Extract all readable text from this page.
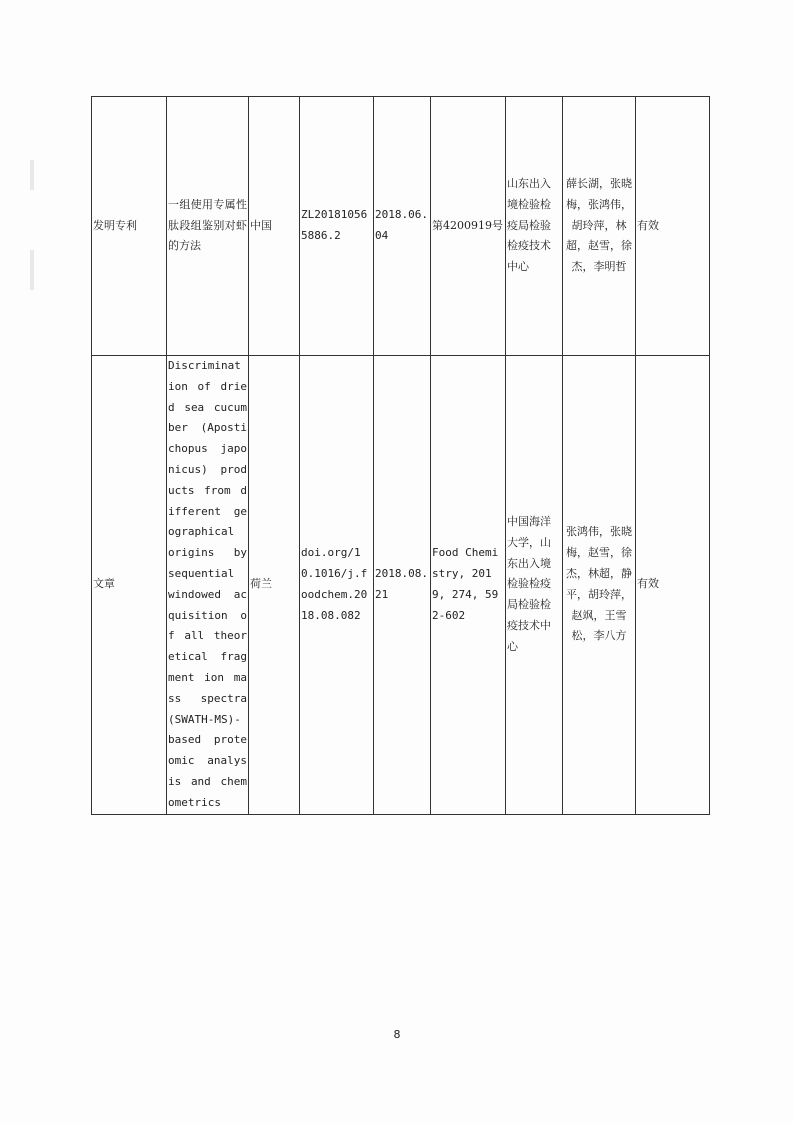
发明专利	一组使用专属性肽段组鉴别对虾的方法	中国	ZL201810565886.2	2018.06.04	第4200919号	山东出入境检验检疫局检验检疫技术中心	薛长湖，张晓梅，张鸿伟，胡玲萍，林超，赵雪，徐杰，李明哲	有效
文章	Discrimination of dried sea cucumber (Apostichopus japonicus) products from different geographical origins by sequential windowed acquisition of all theoretical fragment ion mass spectra (SWATH-MS)-based proteomic analysis and chemometrics	荷兰	doi.org/10.1016/j.foodchem.2018.08.082	2018.08.21	Food Chemistry, 2019, 274, 592-602	中国海洋大学，山东出入境检验检疫局检验检疫技术中心	张鸿伟，张晓梅，赵雪，徐杰，林超，静平，胡玲萍，赵飒，王雪松，李八方	有效
8
